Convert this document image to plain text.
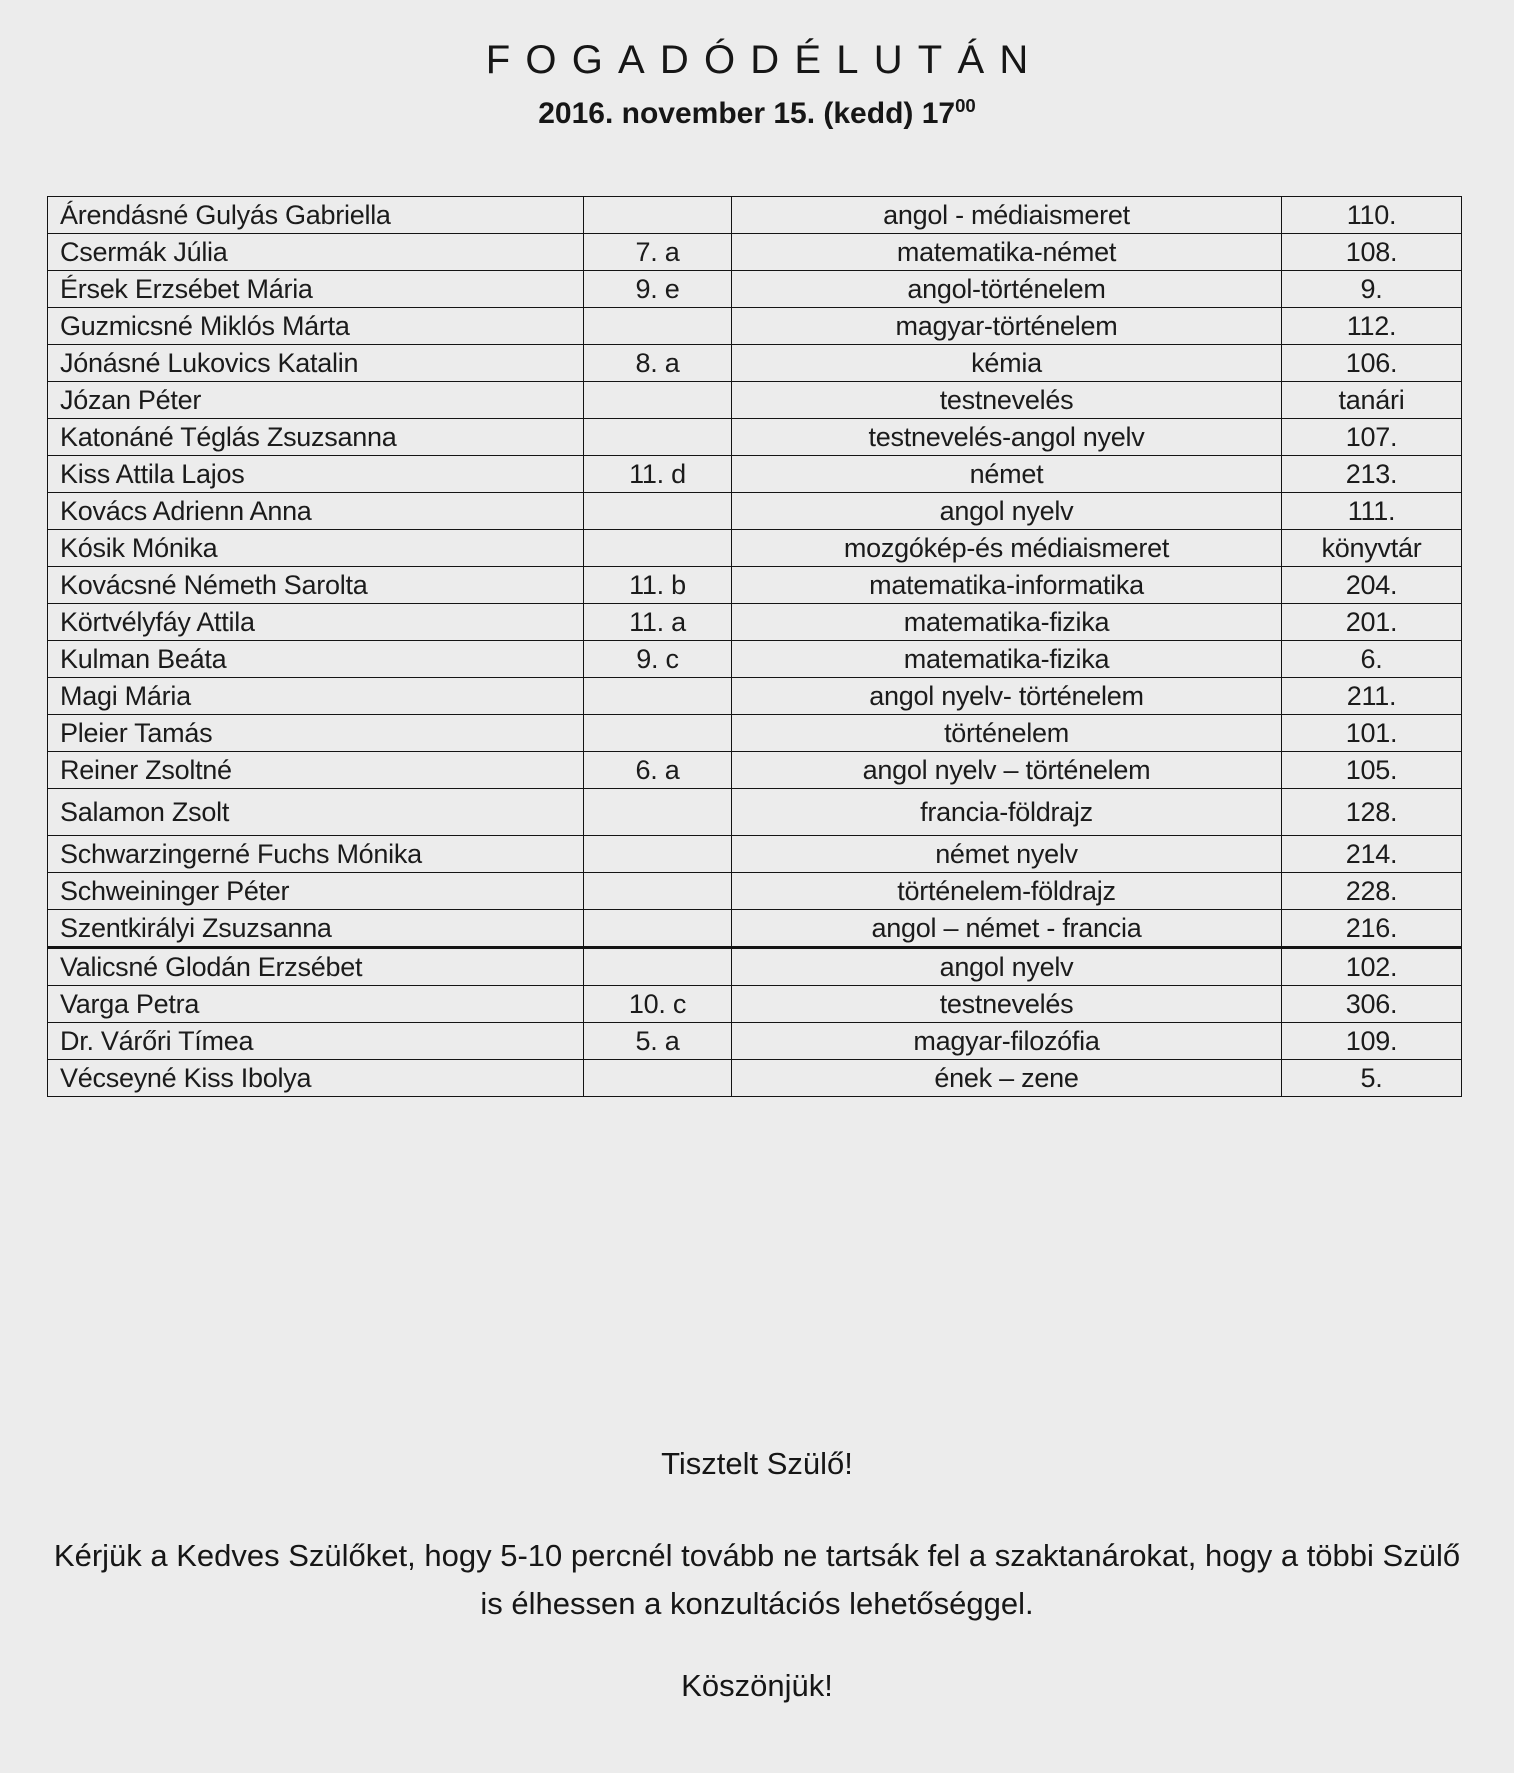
FOGADÓDÉLUTÁN

2016. november 15. (kedd) $17^{00}$

Árendásné Gulyás Gabriella		angol - médiaismeret	110.
Csermák Júlia	7. a	matematika-német	108.
Érsek Erzsébet Mária	9. e	angol-történelem	9.
Guzmicsné Miklós Márta		magyar-történelem	112.
Jónásné Lukovics Katalin	8. a	kémia	106.
Józan Péter		testnevelés	tanári
Katonáné Téglás Zsuzsanna		testnevelés-angol nyelv	107.
Kiss Attila Lajos	11. d	német	213.
Kovács Adrienn Anna		angol nyelv	111.
Kósik Mónika		mozgókép-és médiaismeret	könyvtár
Kovácsné Németh Sarolta	11. b	matematika-informatika	204.
Körtvélyfáy Attila	11. a	matematika-fizika	201.
Kulman Beáta	9. c	matematika-fizika	6.
Magi Mária		angol nyelv- történelem	211.
Pleier Tamás		történelem	101.
Reiner Zsoltné	6. a	angol nyelv – történelem	105.
Salamon Zsolt		francia-földrajz	128.
Schwarzingerné Fuchs Mónika		német nyelv	214.
Schweininger Péter		történelem-földrajz	228.
Szentkirályi Zsuzsanna		angol – német - francia	216.
Valicsné Glodán Erzsébet		angol nyelv	102.
Varga Petra	10. c	testnevelés	306.
Dr. Várőri Tímea	5. a	magyar-filozófia	109.
Vécseyné Kiss Ibolya		ének – zene	5.
Tisztelt Szülő!
Kérjük a Kedves Szülőket, hogy 5-10 percnél tovább ne tartsák fel a szaktanárokat, hogy a többi Szülő is élhessen a konzultációs lehetőséggel.
Köszönjük!
